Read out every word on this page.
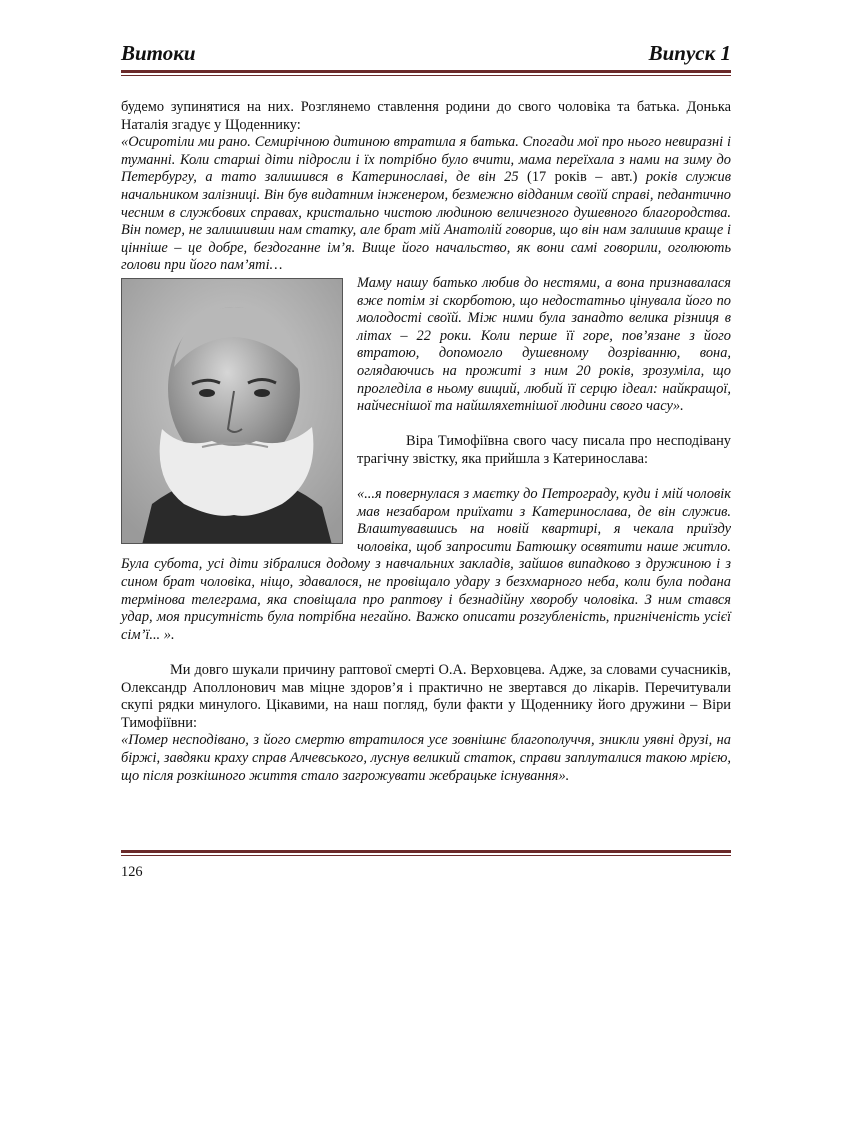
Витоки	Випуск 1

будемо зупинятися на них. Розглянемо ставлення родини до свого чоловіка та батька. Донька Наталія згадує у Щоденнику:

«Осиротіли ми рано. Семирічною дитиною втратила я батька. Спогади мої про нього невиразні і туманні. Коли старші діти підросли і їх потрібно було вчити, мама переїхала з нами на зиму до Петербургу, а тато залишився в Катеринославі, де він 25 (17 років – авт.) років служив начальником залізниці. Він був видатним інженером, безмежно відданим своїй справі, педантично чесним в службових справах, кристально чистою людиною величезного душевного благородства. Він помер, не залишивши нам статку, але брат мій Анатолій говорив, що він нам залишив краще і цінніше – це добре, бездоганне ім’я. Вище його начальство, як вони самі говорили, оголюють голови при його пам’яті…

Маму нашу батько любив до нестями, а вона признавалася вже потім зі скорботою, що недостатньо цінувала його по молодості своїй. Між ними була занадто велика різниця в літах – 22 роки. Коли перше її горе, пов’язане з його втратою, допомогло душевному дозріванню, вона, оглядаючись на прожиті з ним 20 років, зрозуміла, що прогледіла в ньому вищий, любий її серцю ідеал: найкращої, найчеснішої та найшляхетнішої людини свого часу».

Віра Тимофіївна свого часу писала про несподівану трагічну звістку, яка прийшла з Катеринослава:

«...я повернулася з маєтку до Петрограду, куди і мій чоловік мав незабаром приїхати з Катеринослава, де він служив. Влаштувавшись на новій квартирі, я чекала приїзду чоловіка, щоб запросити Батюшку освятити наше житло. Була субота, усі діти зібралися додому з навчальних закладів, зайшов випадково з дружиною і з сином брат чоловіка, ніщо, здавалося, не провіщало удару з безхмарного неба, коли була подана термінова телеграма, яка сповіщала про раптову і безнадійну хворобу чоловіка. З ним стався удар, моя присутність була потрібна негайно. Важко описати розгубленість, пригніченість усієї сім’ї... ».

Ми довго шукали причину раптової смерті О.А. Верховцева. Адже, за словами сучасників, Олександр Аполлонович мав міцне здоров’я і практично не звертався до лікарів. Перечитували скупі рядки минулого. Цікавими, на наш погляд, були факти у Щоденнику його дружини – Віри Тимофіївни:

«Помер несподівано, з його смертю втратилося усе зовнішнє благополуччя, зникли уявні друзі, на біржі, завдяки краху справ Алчевського, луснув великий статок, справи заплуталися такою мрією, що після розкішного життя стало загрожувати жебрацьке існування».

126
